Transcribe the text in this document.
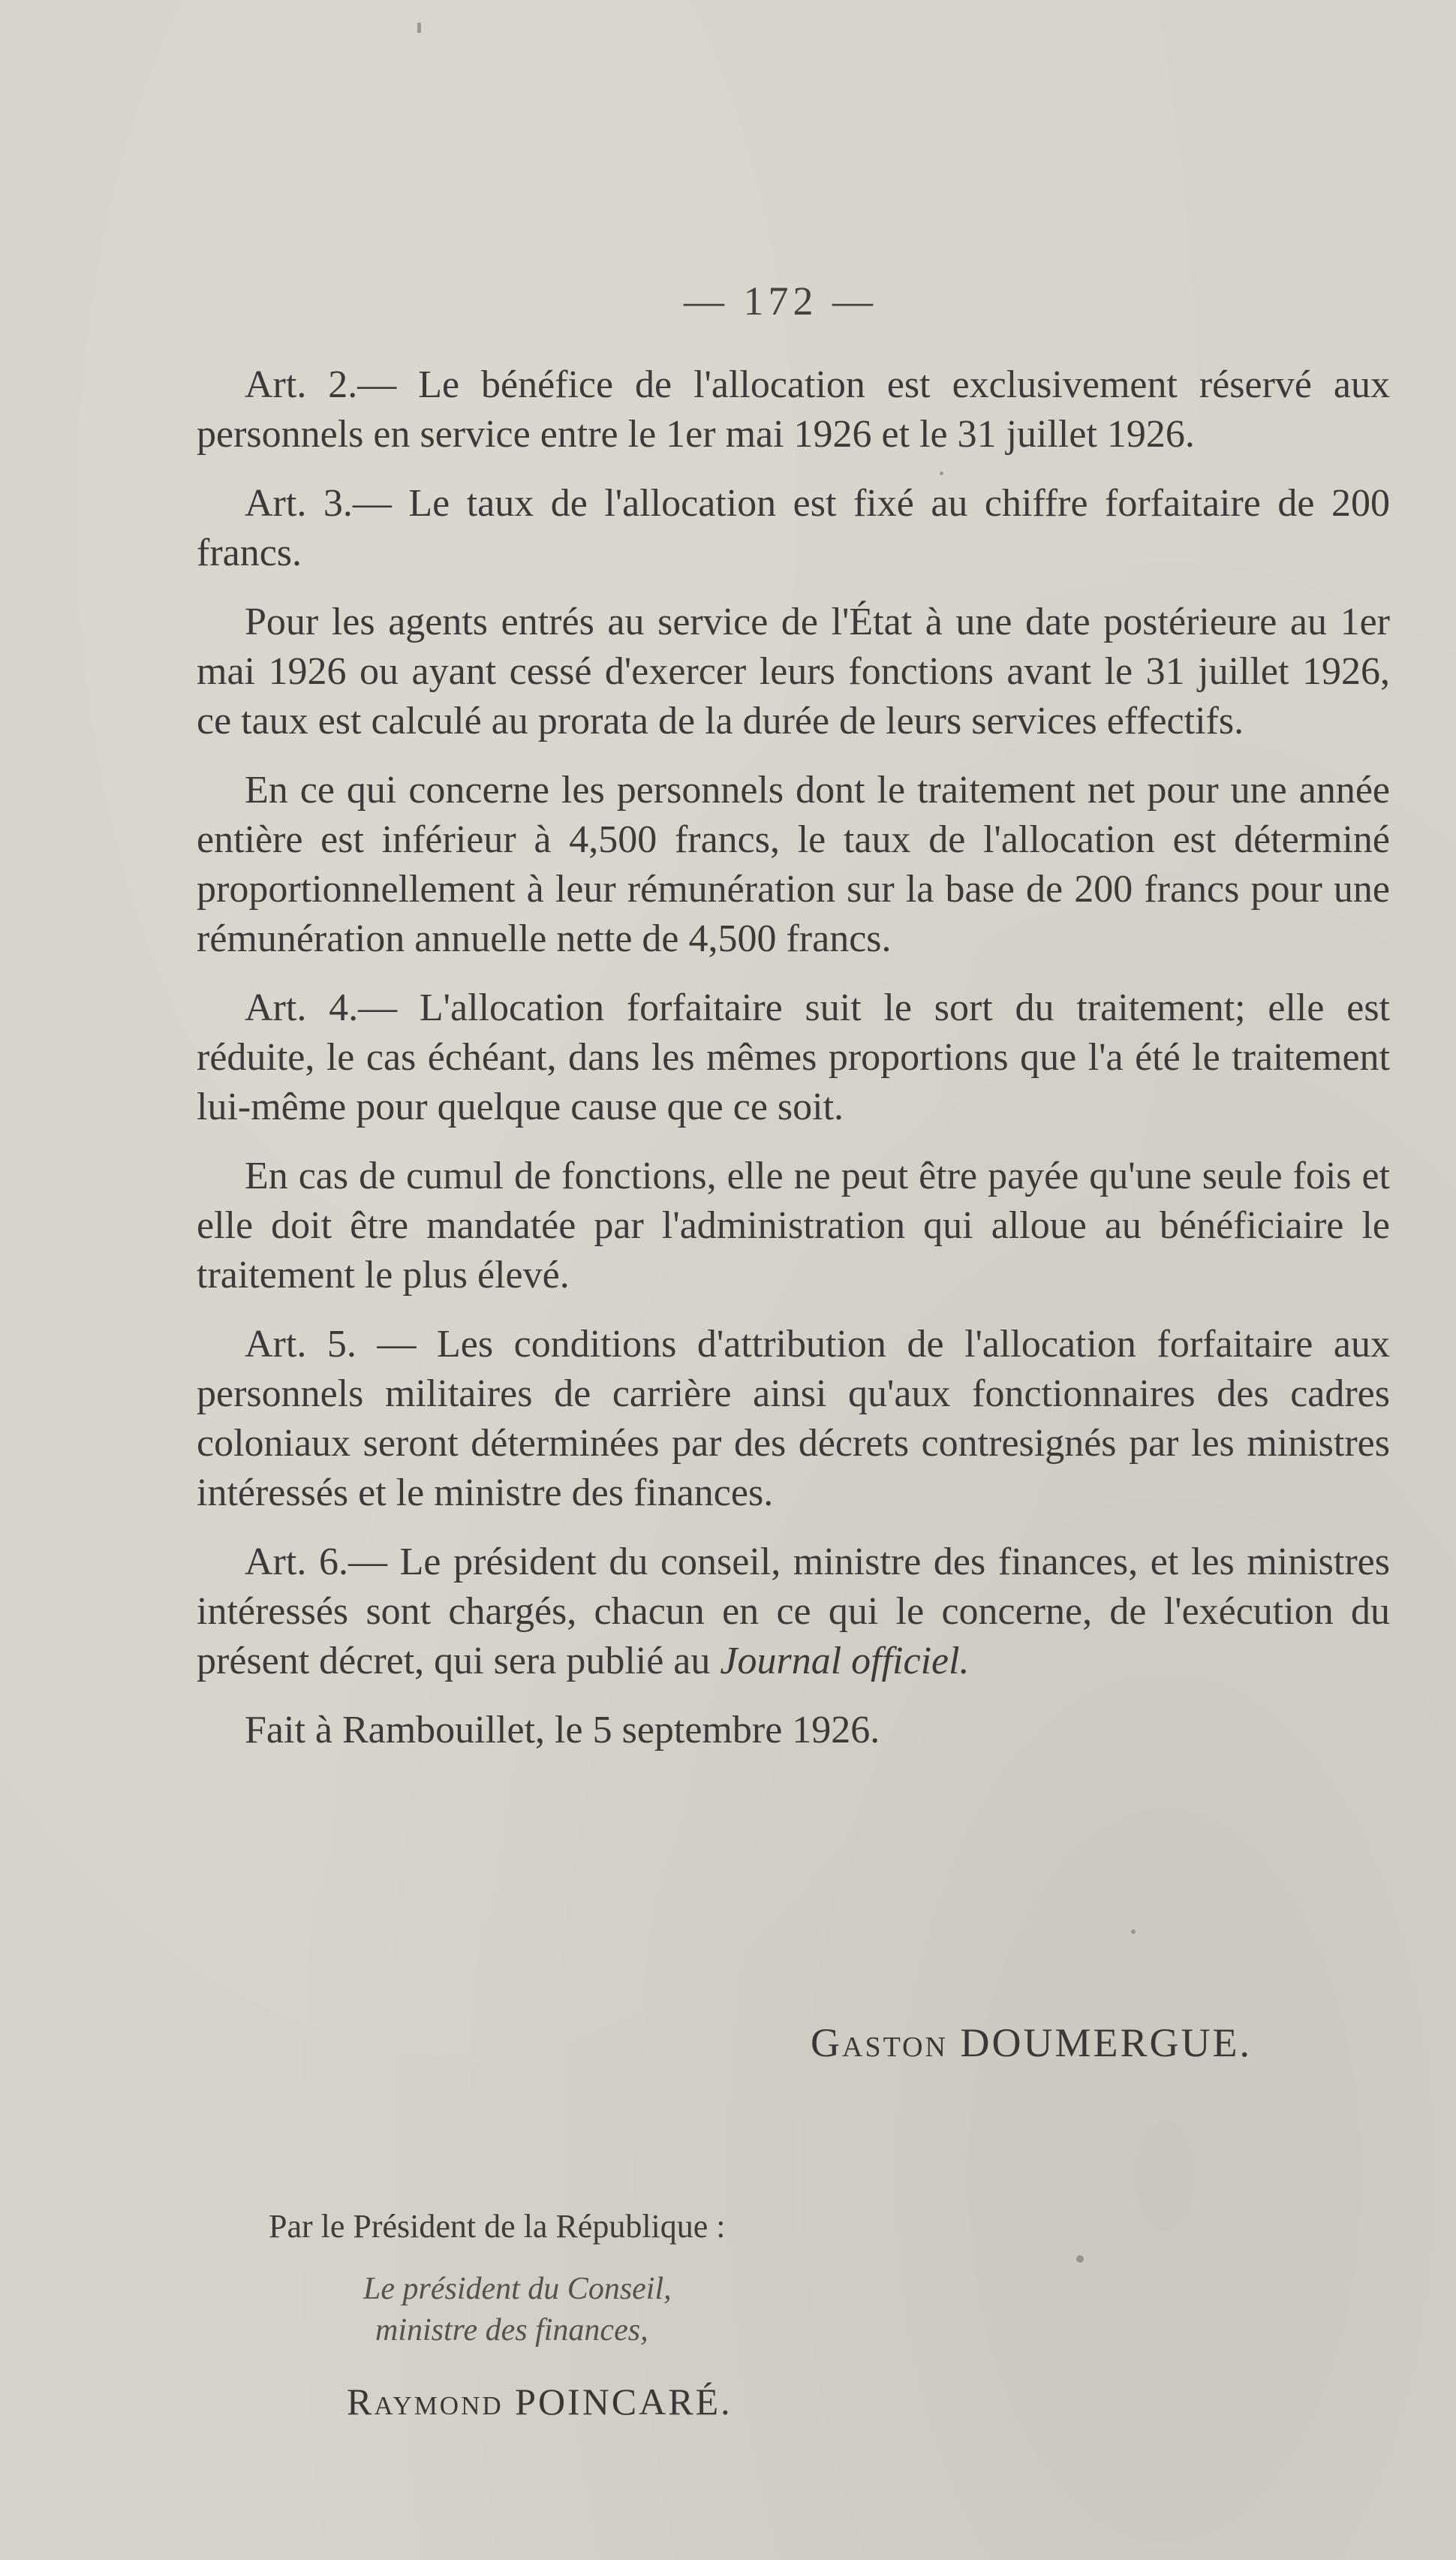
— 172 —

Art. 2.— Le bénéfice de l'allocation est exclusivement réservé aux personnels en service entre le 1er mai 1926 et le 31 juillet 1926.

Art. 3.— Le taux de l'allocation est fixé au chiffre forfaitaire de 200 francs.

Pour les agents entrés au service de l'État à une date postérieure au 1er mai 1926 ou ayant cessé d'exercer leurs fonctions avant le 31 juillet 1926, ce taux est calculé au prorata de la durée de leurs services effectifs.

En ce qui concerne les personnels dont le traitement net pour une année entière est inférieur à 4,500 francs, le taux de l'allocation est déterminé proportionnellement à leur rémunération sur la base de 200 francs pour une rémunération annuelle nette de 4,500 francs.

Art. 4.— L'allocation forfaitaire suit le sort du traitement; elle est réduite, le cas échéant, dans les mêmes proportions que l'a été le traitement lui-même pour quelque cause que ce soit.

En cas de cumul de fonctions, elle ne peut être payée qu'une seule fois et elle doit être mandatée par l'administration qui alloue au bénéficiaire le traitement le plus élevé.

Art. 5. — Les conditions d'attribution de l'allocation forfaitaire aux personnels militaires de carrière ainsi qu'aux fonctionnaires des cadres coloniaux seront déterminées par des décrets contresignés par les ministres intéressés et le ministre des finances.

Art. 6.— Le président du conseil, ministre des finances, et les ministres intéressés sont chargés, chacun en ce qui le concerne, de l'exécution du présent décret, qui sera publié au Journal officiel.

Fait à Rambouillet, le 5 septembre 1926.

Gaston DOUMERGUE.
Par le Président de la République :
Le président du Conseil,
ministre des finances,
Raymond POINCARÉ.
